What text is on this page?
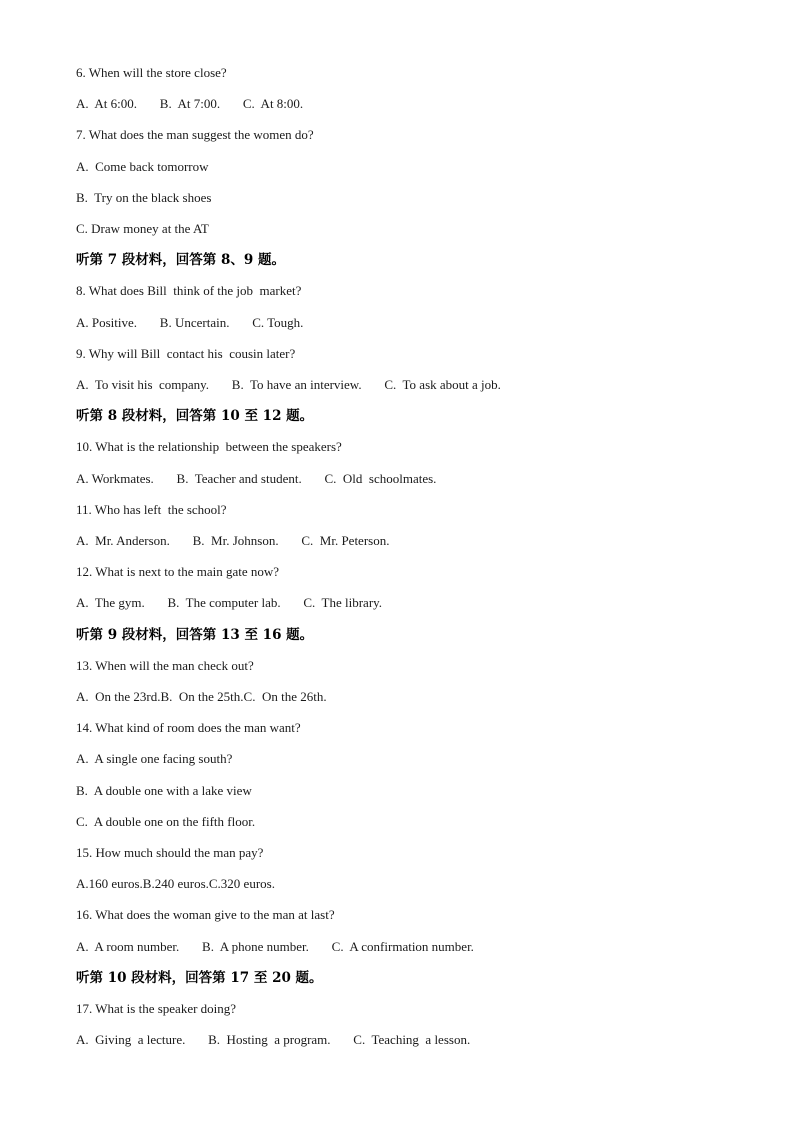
6. When will the store close?
A.  At 6:00.       B.  At 7:00.       C.  At 8:00.
7. What does the man suggest the women do?
A.  Come back tomorrow
B.  Try on the black shoes
C. Draw money at the AT
听第 7 段材料，回答第 8、9 题。
8. What does Bill  think of the job  market?
A. Positive.       B. Uncertain.       C. Tough.
9. Why will Bill  contact his  cousin later?
A.  To visit his  company.       B.  To have an interview.       C.  To ask about a job.
听第 8 段材料，回答第 10 至 12 题。
10. What is the relationship  between the speakers?
A. Workmates.       B.  Teacher and student.       C.  Old  schoolmates.
11. Who has left  the school?
A.  Mr. Anderson.       B.  Mr. Johnson.       C.  Mr. Peterson.
12. What is next to the main gate now?
A.  The gym.       B.  The computer lab.       C.  The library.
听第 9 段材料，回答第 13 至 16 题。
13. When will the man check out?
A.  On the 23rd.B.  On the 25th.C.  On the 26th.
14. What kind of room does the man want?
A.  A single one facing south?
B.  A double one with a lake view
C.  A double one on the fifth floor.
15. How much should the man pay?
A.160 euros.B.240 euros.C.320 euros.
16. What does the woman give to the man at last?
A.  A room number.       B.  A phone number.       C.  A confirmation number.
听第 10 段材料，回答第 17 至 20 题。
17. What is the speaker doing?
A.  Giving  a lecture.       B.  Hosting  a program.       C.  Teaching  a lesson.
